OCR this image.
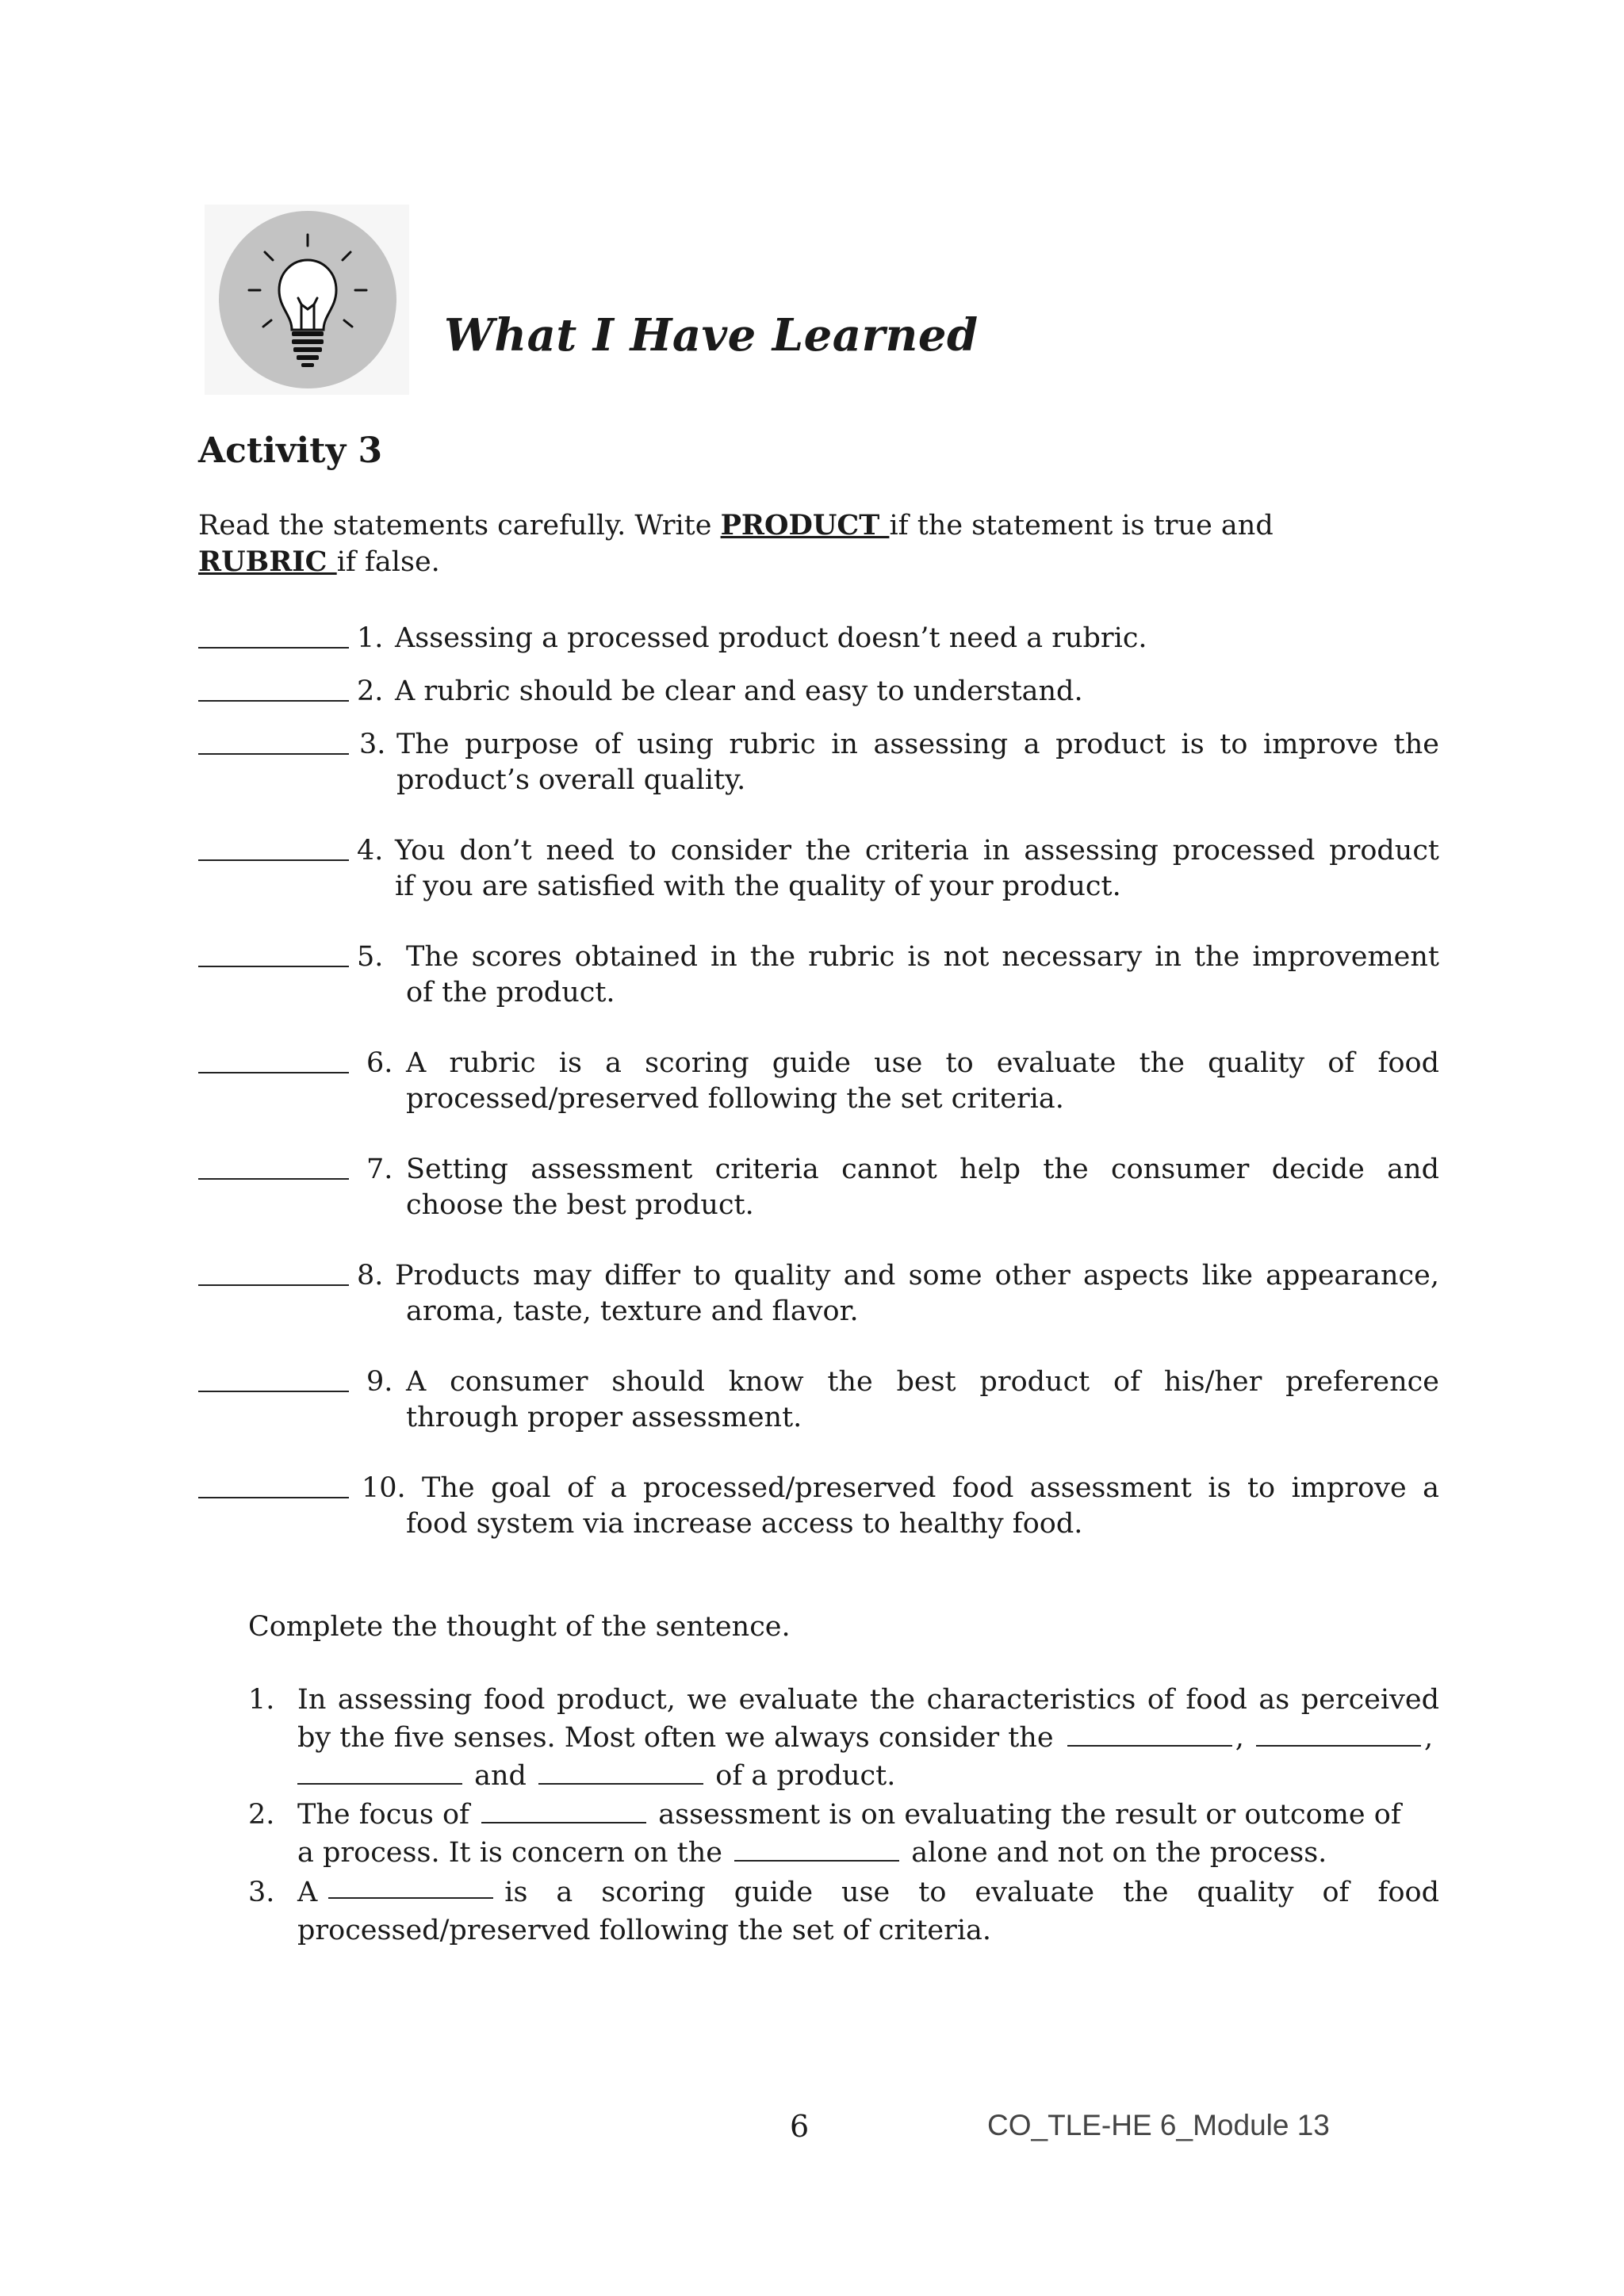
What I Have Learned
Activity 3
Read the statements carefully. Write PRODUCT if the statement is true and
RUBRIC if false.
1. Assessing a processed product doesn’t need a rubric.
2. A rubric should be clear and easy to understand.
3. The purpose of using rubric in assessing a product is to improve the
product’s overall quality.
4. You don’t need to consider the criteria in assessing processed product
if you are satisfied with the quality of your product.
5. The scores obtained in the rubric is not necessary in the improvement
of the product.
6. A rubric is a scoring guide use to evaluate the quality of food
processed/preserved following the set criteria.
7. Setting assessment criteria cannot help the consumer decide and
choose the best product.
8. Products may differ to quality and some other aspects like appearance,
aroma, taste, texture and flavor.
9. A consumer should know the best product of his/her preference
through proper assessment.
10. The goal of a processed/preserved food assessment is to improve a
food system via increase access to healthy food.
Complete the thought of the sentence.
1. In assessing food product, we evaluate the characteristics of food as perceived
by the five senses. Most often we always consider the	,	,
and	of a product.
2. The focus of	assessment is on evaluating the result or outcome of
a process. It is concern on the	alone and not on the process.
3. A	is a scoring guide use to evaluate the quality of food
processed/preserved following the set of criteria.
6	CO_TLE-HE 6_Module 13
